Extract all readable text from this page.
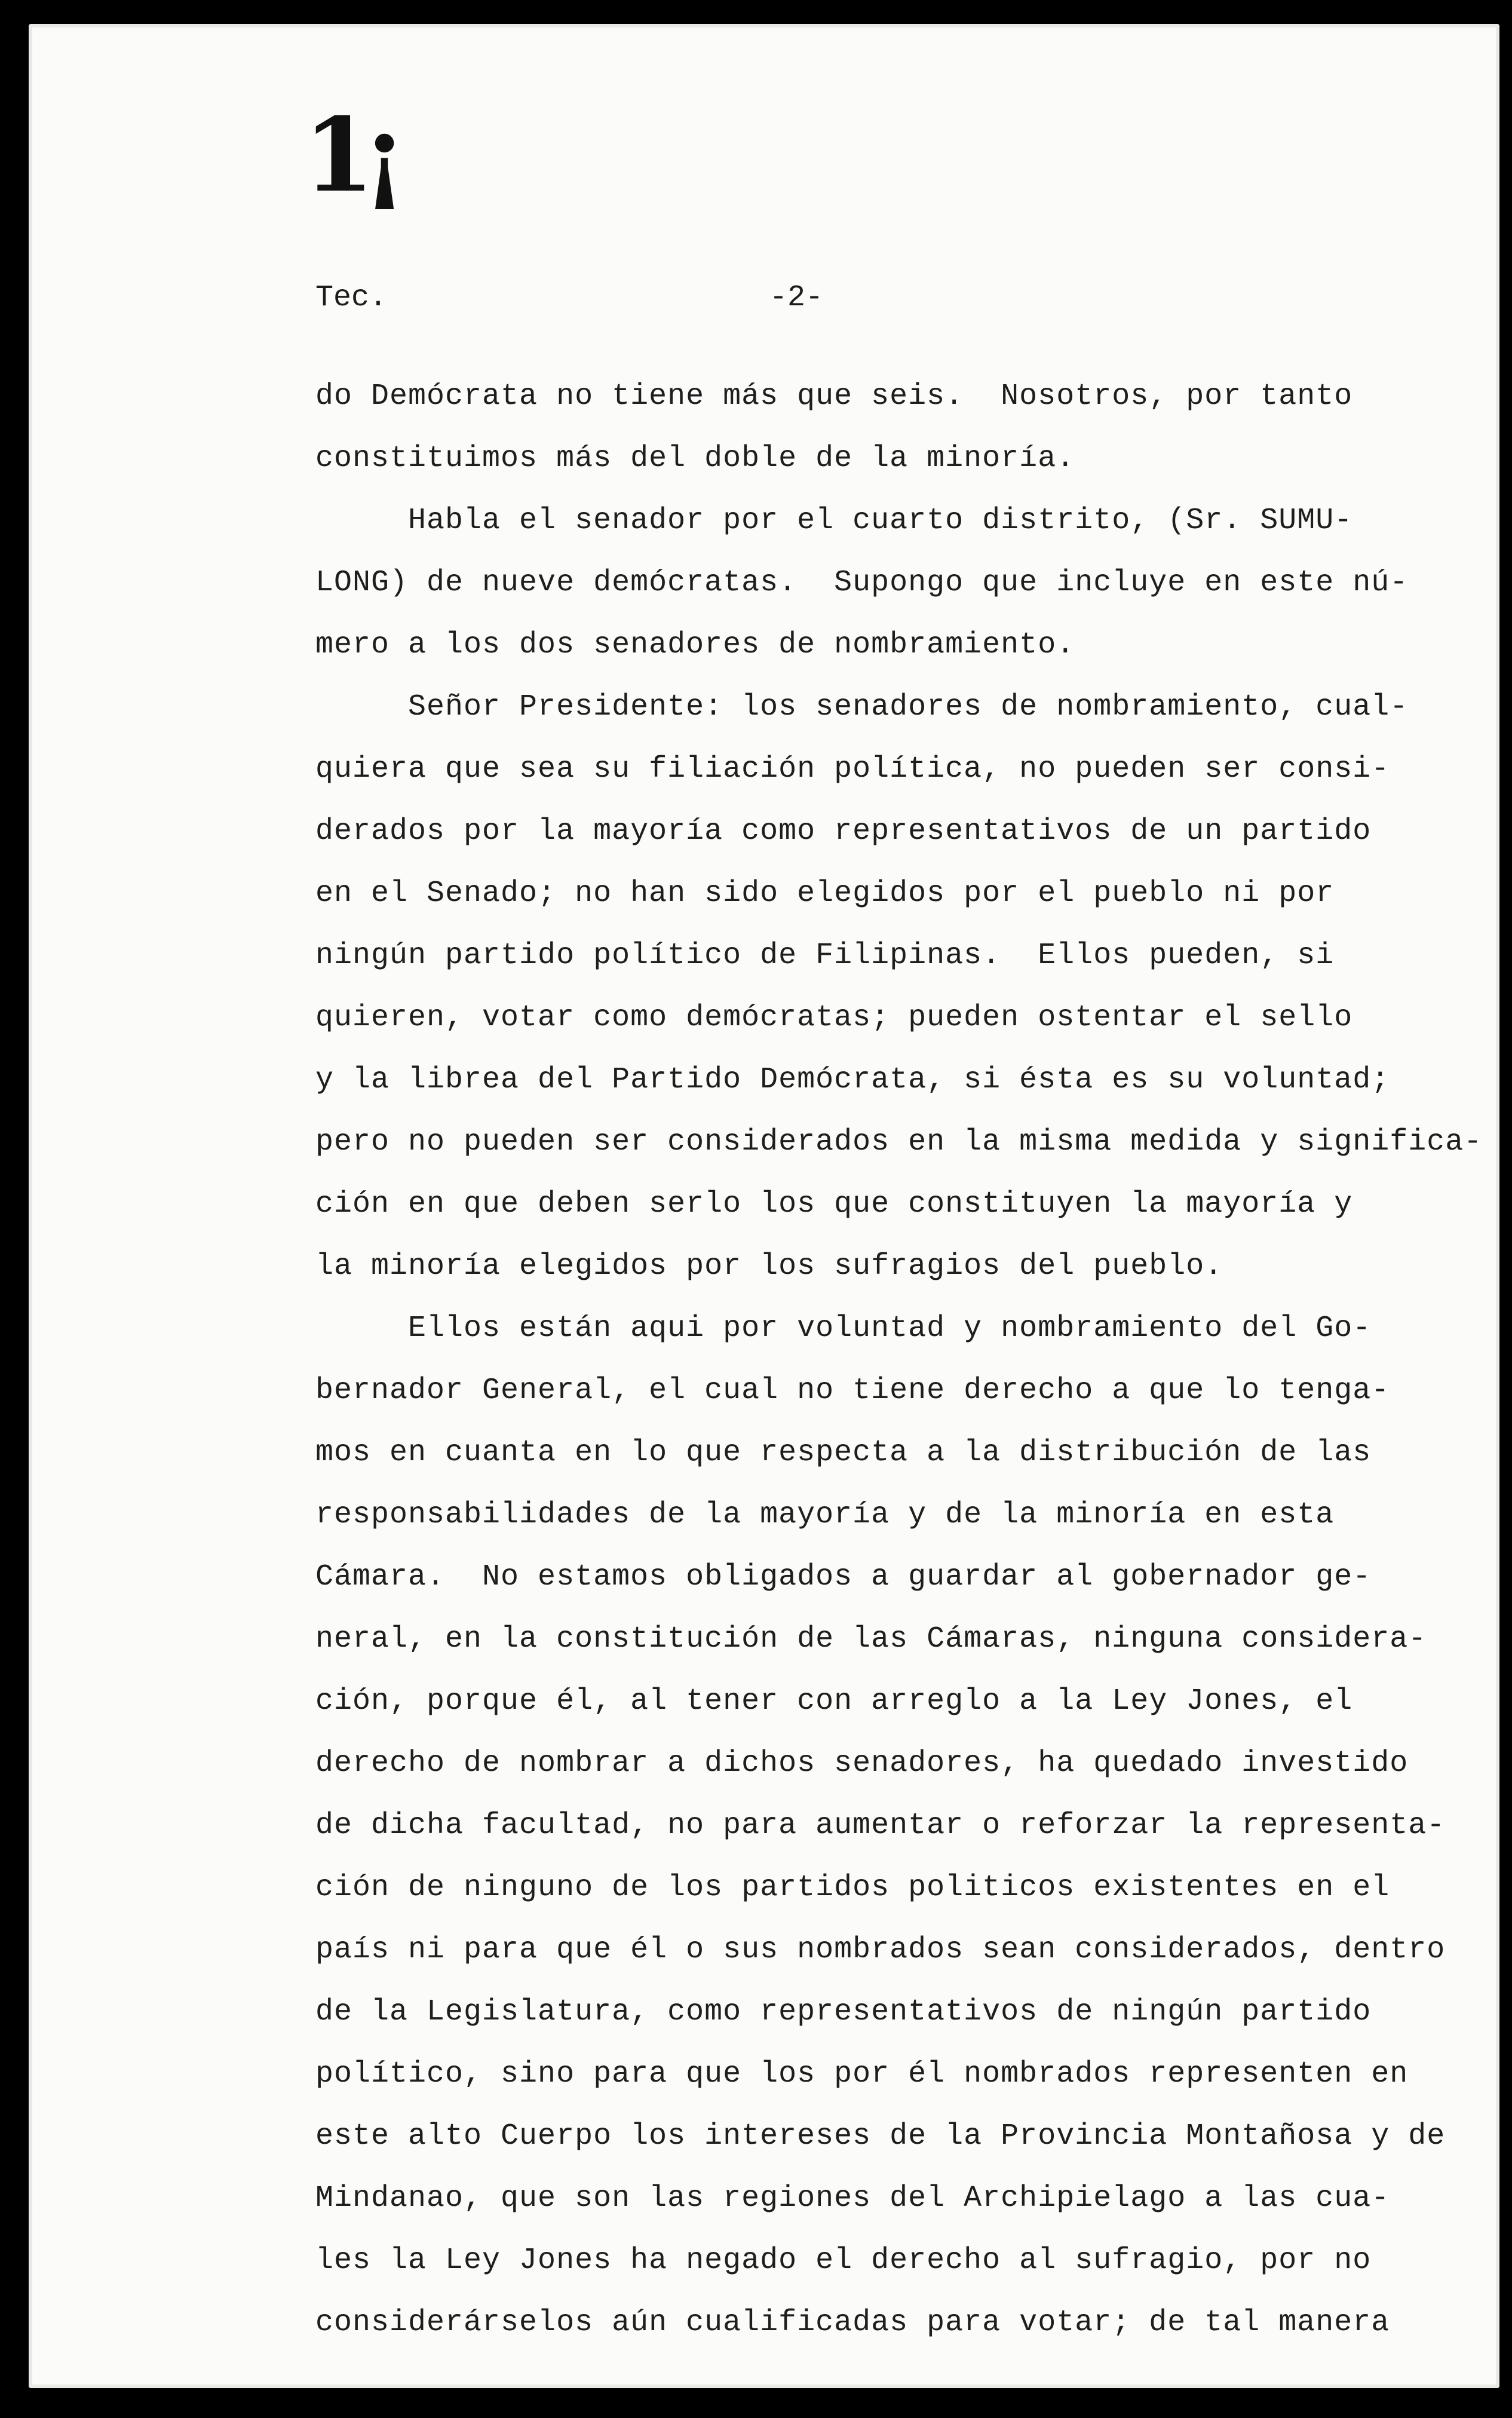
1¡
Tec.	-2-
do Demócrata no tiene más que seis.  Nosotros, por tanto
constituimos más del doble de la minoría.
Habla el senador por el cuarto distrito, (Sr. SUMU-
LONG) de nueve demócratas.  Supongo que incluye en este nú-
mero a los dos senadores de nombramiento.
Señor Presidente: los senadores de nombramiento, cual-
quiera que sea su filiación política, no pueden ser consi-
derados por la mayoría como representativos de un partido
en el Senado; no han sido elegidos por el pueblo ni por
ningún partido político de Filipinas.  Ellos pueden, si
quieren, votar como demócratas; pueden ostentar el sello
y la librea del Partido Demócrata, si ésta es su voluntad;
pero no pueden ser considerados en la misma medida y significa-
ción en que deben serlo los que constituyen la mayoría y
la minoría elegidos por los sufragios del pueblo.
Ellos están aqui por voluntad y nombramiento del Go-
bernador General, el cual no tiene derecho a que lo tenga-
mos en cuanta en lo que respecta a la distribución de las
responsabilidades de la mayoría y de la minoría en esta
Cámara.  No estamos obligados a guardar al gobernador ge-
neral, en la constitución de las Cámaras, ninguna considera-
ción, porque él, al tener con arreglo a la Ley Jones, el
derecho de nombrar a dichos senadores, ha quedado investido
de dicha facultad, no para aumentar o reforzar la representa-
ción de ninguno de los partidos politicos existentes en el
país ni para que él o sus nombrados sean considerados, dentro
de la Legislatura, como representativos de ningún partido
político, sino para que los por él nombrados representen en
este alto Cuerpo los intereses de la Provincia Montañosa y de
Mindanao, que son las regiones del Archipielago a las cua-
les la Ley Jones ha negado el derecho al sufragio, por no
considerárselos aún cualificadas para votar; de tal manera
